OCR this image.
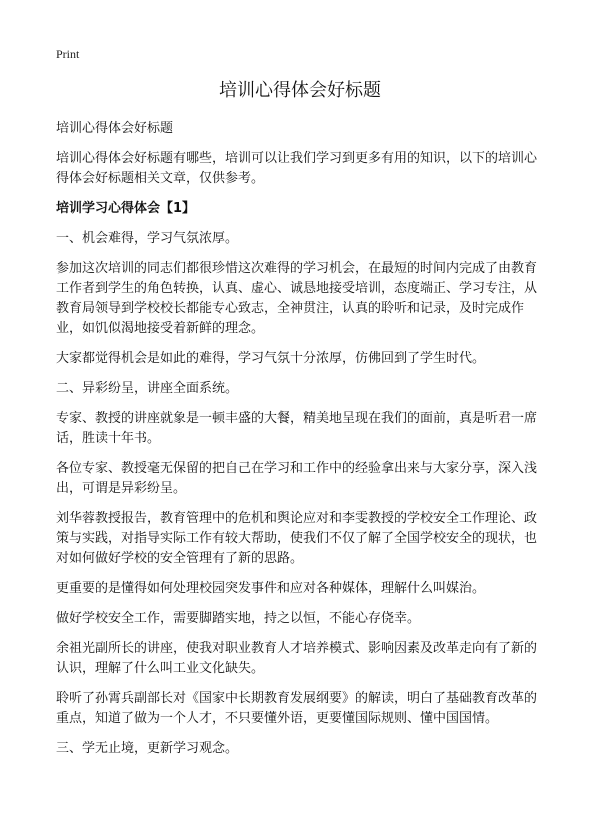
Print
培训心得体会好标题

培训心得体会好标题

培训心得体会好标题有哪些，培训可以让我们学习到更多有用的知识，以下的培训心得体会好标题相关文章，仅供参考。

培训学习心得体会【1】

一、机会难得，学习气氛浓厚。

参加这次培训的同志们都很珍惜这次难得的学习机会，在最短的时间内完成了由教育工作者到学生的角色转换，认真、虚心、诚恳地接受培训，态度端正、学习专注，从教育局领导到学校校长都能专心致志，全神贯注，认真的聆听和记录，及时完成作业，如饥似渴地接受着新鲜的理念。

大家都觉得机会是如此的难得，学习气氛十分浓厚，仿佛回到了学生时代。

二、异彩纷呈，讲座全面系统。

专家、教授的讲座就象是一顿丰盛的大餐，精美地呈现在我们的面前，真是听君一席话，胜读十年书。

各位专家、教授毫无保留的把自己在学习和工作中的经验拿出来与大家分享，深入浅出，可谓是异彩纷呈。

刘华蓉教授报告，教育管理中的危机和舆论应对和李雯教授的学校安全工作理论、政策与实践，对指导实际工作有较大帮助，使我们不仅了解了全国学校安全的现状，也对如何做好学校的安全管理有了新的思路。

更重要的是懂得如何处理校园突发事件和应对各种媒体，理解什么叫媒治。

做好学校安全工作，需要脚踏实地，持之以恒，不能心存侥幸。

余祖光副所长的讲座，使我对职业教育人才培养模式、影响因素及改革走向有了新的认识，理解了什么叫工业文化缺失。

聆听了孙霄兵副部长对《国家中长期教育发展纲要》的解读，明白了基础教育改革的重点，知道了做为一个人才，不只要懂外语，更要懂国际规则、懂中国国情。

三、学无止境，更新学习观念。
